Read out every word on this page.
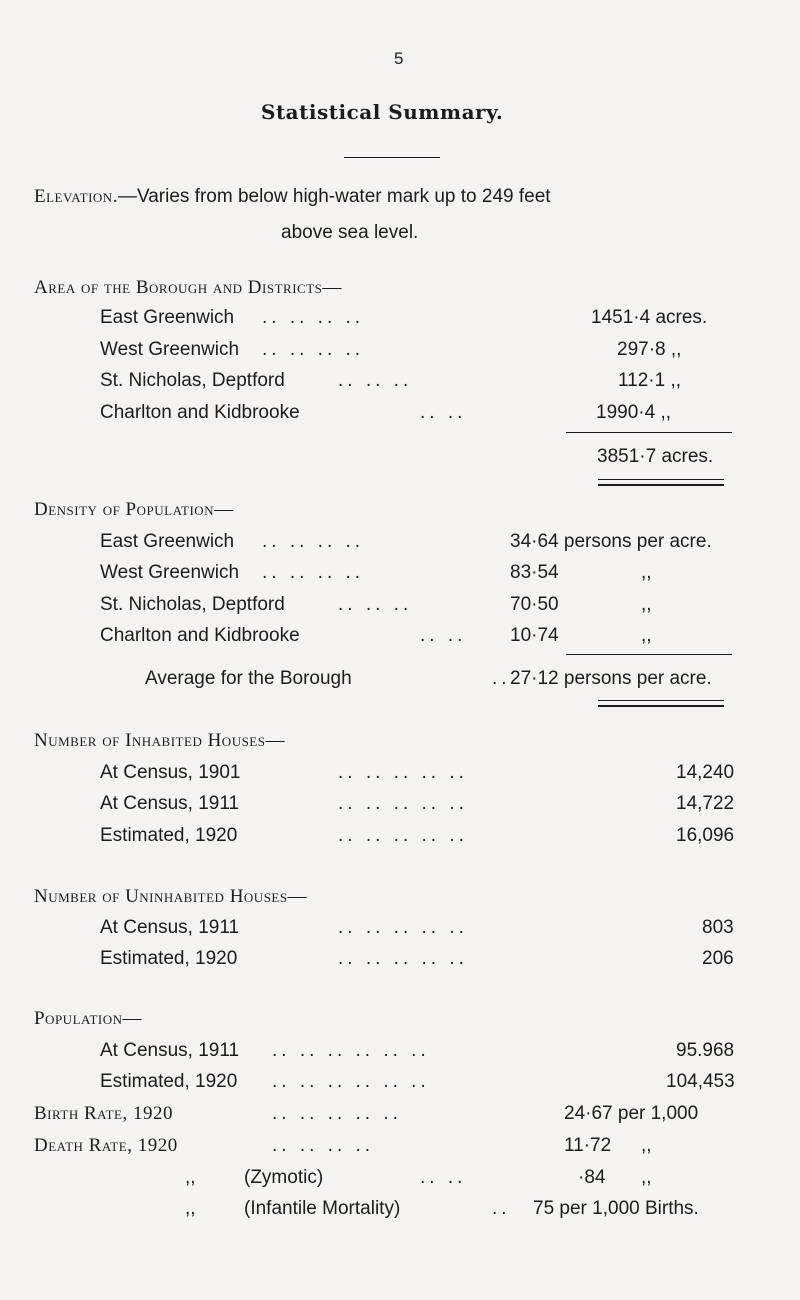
5
Statistical Summary.
Elevation.—Varies from below high-water mark up to 249 feet
above sea level.
Area of the Borough and Districts—
East Greenwich .. .. .. ..	1451·4 acres.
West Greenwich .. .. .. ..	297·8 ,,
St. Nicholas, Deptford	.. .. ..	112·1 ,,
Charlton and Kidbrooke	.. ..	1990·4 ,,
3851·7 acres.
Density of Population—
East Greenwich .. .. .. ..	34·64 persons per acre.
West Greenwich .. .. .. ..	83·54	,,
St. Nicholas, Deptford	.. .. ..	70·50	,,
Charlton and Kidbrooke	.. .. 10·74	,,
Average for the Borough	.. 27·12 persons per acre.
Number of Inhabited Houses—
At Census, 1901	.. .. .. .. ..	14,240
At Census, 1911	.. .. .. .. ..	14,722
Estimated, 1920	.. .. .. .. ..	16,096
Number of Uninhabited Houses—
At Census, 1911	.. .. .. .. ..	803
Estimated, 1920	.. .. .. .. ..	206
Population—
At Census, 1911 .. .. .. .. .. ..	95.968
Estimated, 1920 .. .. .. .. .. ..	104,453
Birth Rate, 1920	.. .. .. .. ..	24·67 per 1,000
Death Rate, 1920	.. .. .. ..	11·72 ,,
,,	(Zymotic)	.. ..	·84 ,,
,,	(Infantile Mortality)	.. 75 per 1,000 Births.
